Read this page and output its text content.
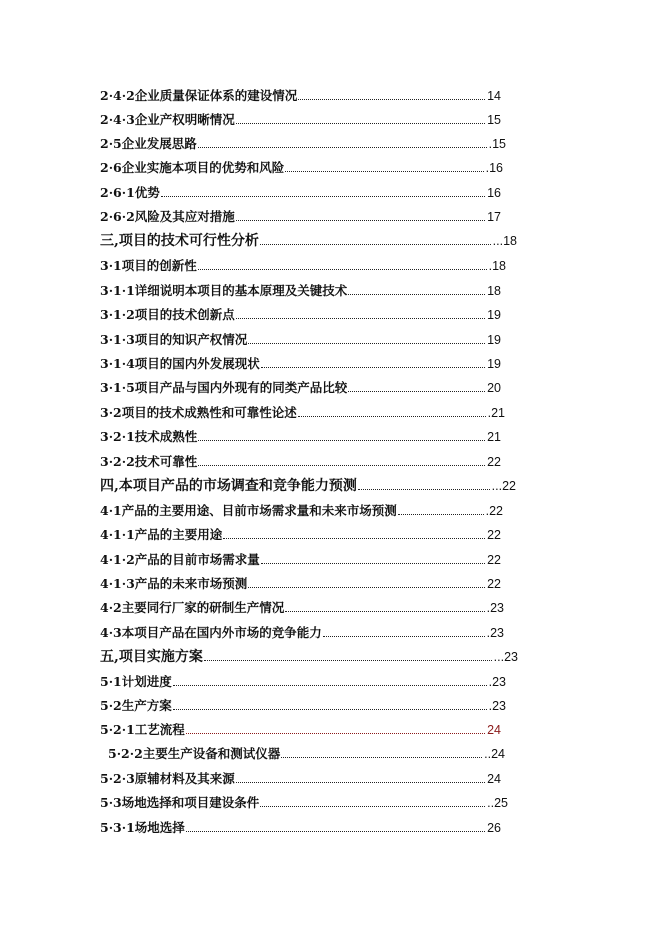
2·4·2 企业质量保证体系的建设情况	14
2·4·3 企业产权明晰情况	15
2·5 企业发展思路	.15
2·6 企业实施本项目的优势和风险	.16
2·6·1 优势	16
2·6·2 风险及其应对措施	17
三, 项目的技术可行性分析	...18
3·1 项目的创新性	.18
3·1·1 详细说明本项目的基本原理及关键技术	18
3·1·2 项目的技术创新点	19
3·1·3 项目的知识产权情况	19
3·1·4 项目的国内外发展现状	19
3·1·5 项目产品与国内外现有的同类产品比较	20
3·2 项目的技术成熟性和可靠性论述	.21
3·2·1 技术成熟性	21
3·2·2 技术可靠性	22
四, 本项目产品的市场调查和竞争能力预测	...22
4·1 产品的主要用途、目前市场需求量和未来市场预测	.22
4·1·1 产品的主要用途	22
4·1·2 产品的目前市场需求量	22
4·1·3 产品的未来市场预测	22
4·2 主要同行厂家的研制生产情况	.23
4·3 本项目产品在国内外市场的竞争能力	.23
五, 项目实施方案	...23
5·1 计划进度	.23
5·2 生产方案	.23
5·2·1 工艺流程	24
5·2·2 主要生产设备和测试仪器	..24
5·2·3 原辅材料及其来源	24
5·3 场地选择和项目建设条件	..25
5·3·1 场地选择	26
